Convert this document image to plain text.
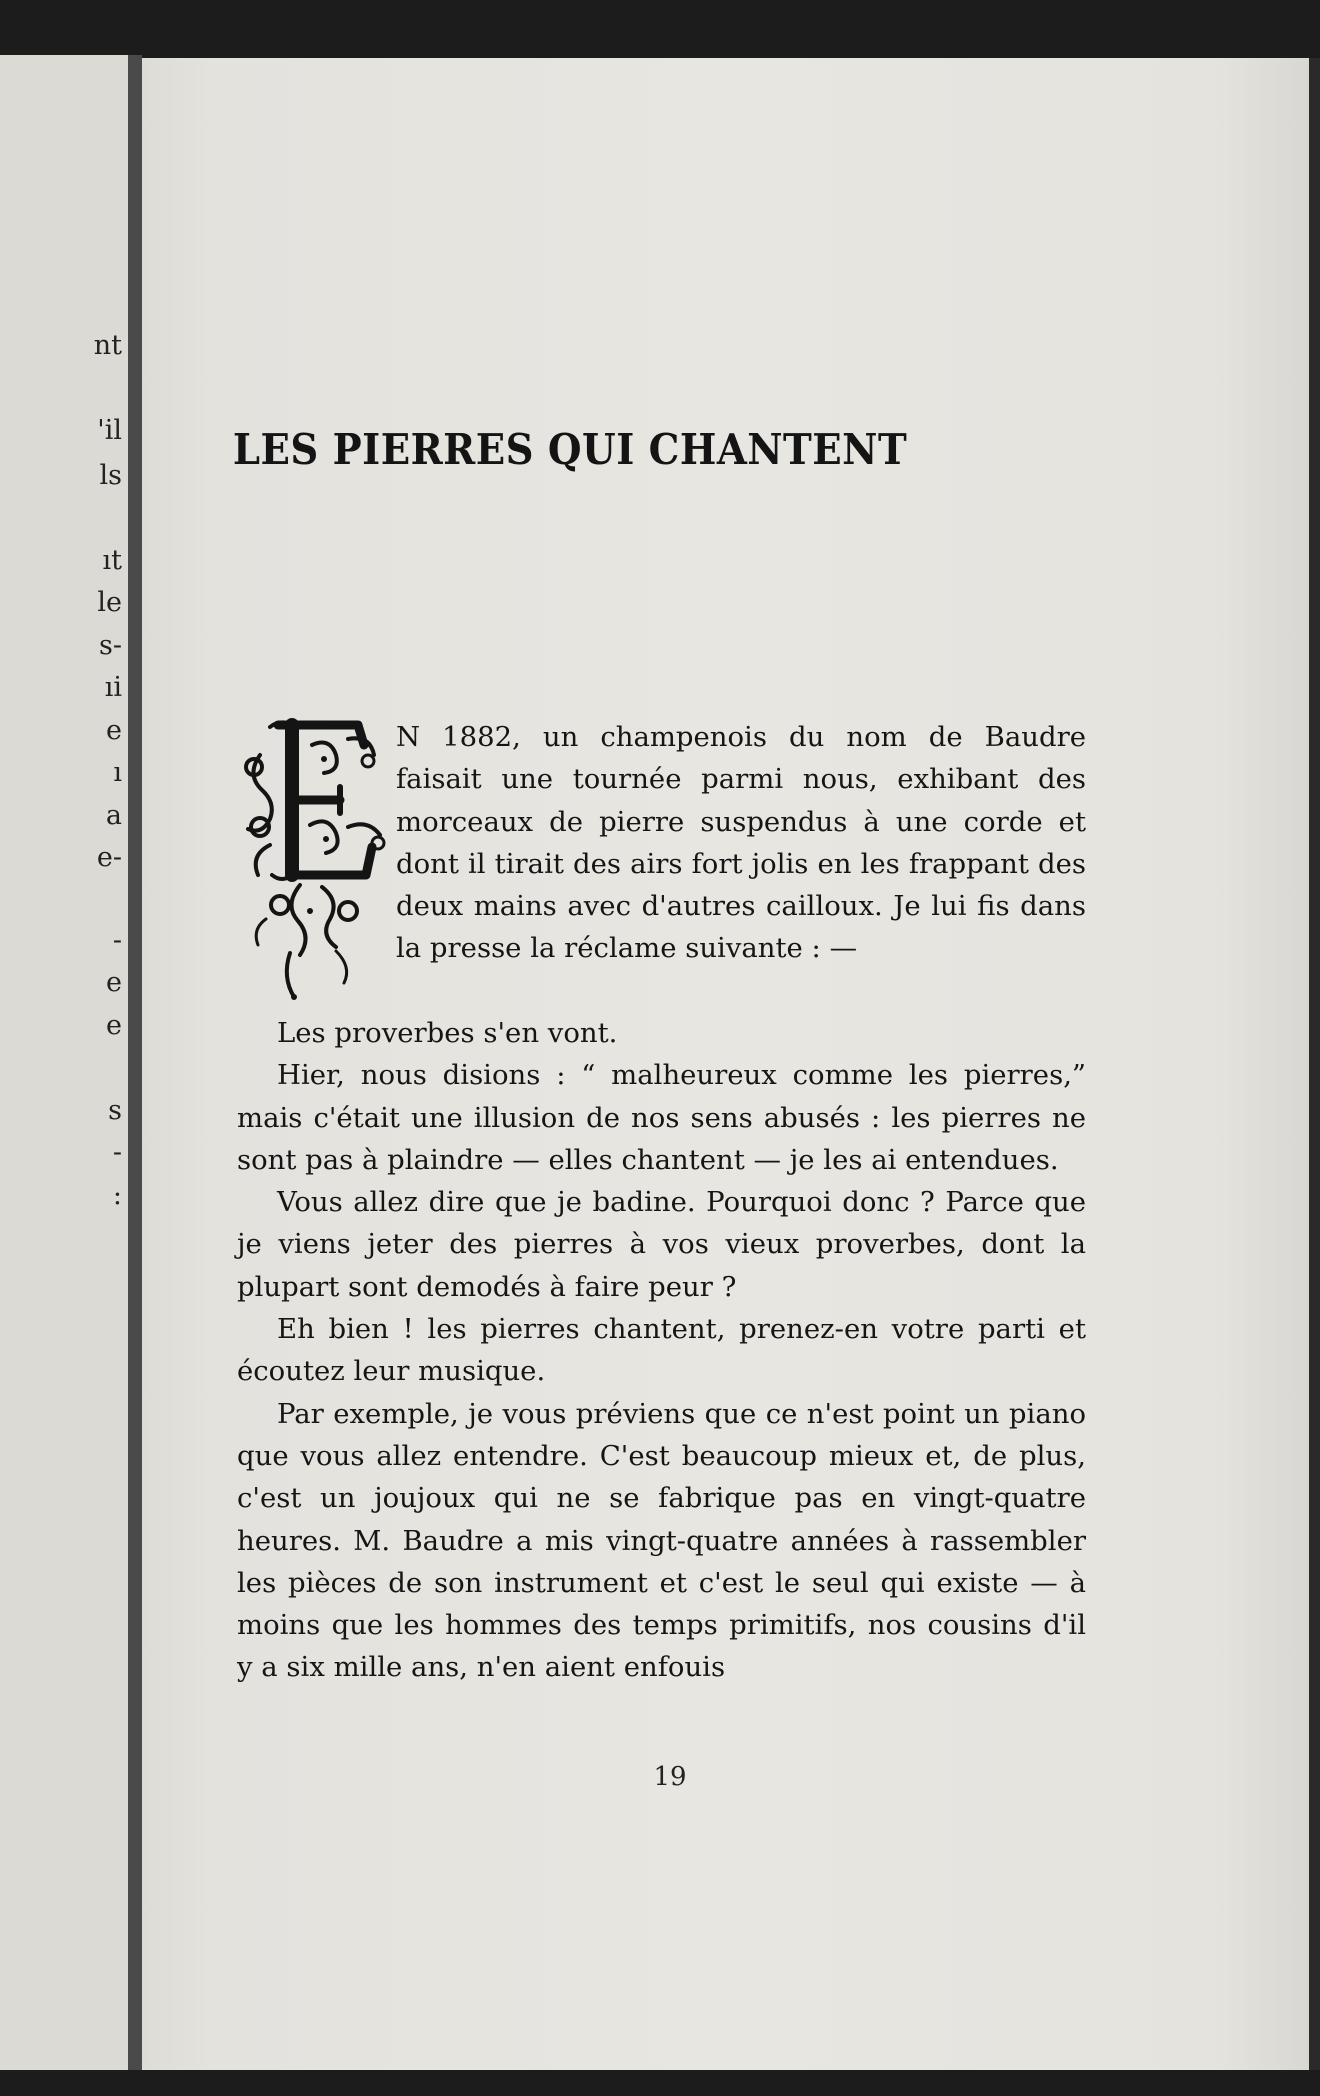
nt
'il
ls
ıt
le
s-
ıi
e
ı
a
e-
-
e
e
s
-
:
LES PIERRES QUI CHANTENT
N 1882, un champenois du nom de Baudre faisait une tournée parmi nous, exhibant des morceaux de pierre suspendus à une corde et dont il tirait des airs fort jolis en les frappant des deux mains avec d'autres cailloux. Je lui fis dans la presse la réclame suivante : —

Les proverbes s'en vont.

Hier, nous disions : “ malheureux comme les pierres,” mais c'était une illusion de nos sens abusés : les pierres ne sont pas à plaindre — elles chantent — je les ai entendues.

Vous allez dire que je badine. Pourquoi donc ? Parce que je viens jeter des pierres à vos vieux proverbes, dont la plupart sont demodés à faire peur ?

Eh bien ! les pierres chantent, prenez-en votre parti et écoutez leur musique.

Par exemple, je vous préviens que ce n'est point un piano que vous allez entendre. C'est beaucoup mieux et, de plus, c'est un joujoux qui ne se fabrique pas en vingt-quatre heures. M. Baudre a mis vingt-quatre années à rassembler les pièces de son instrument et c'est le seul qui existe — à moins que les hommes des temps primitifs, nos cousins d'il y a six mille ans, n'en aient enfouis

19
